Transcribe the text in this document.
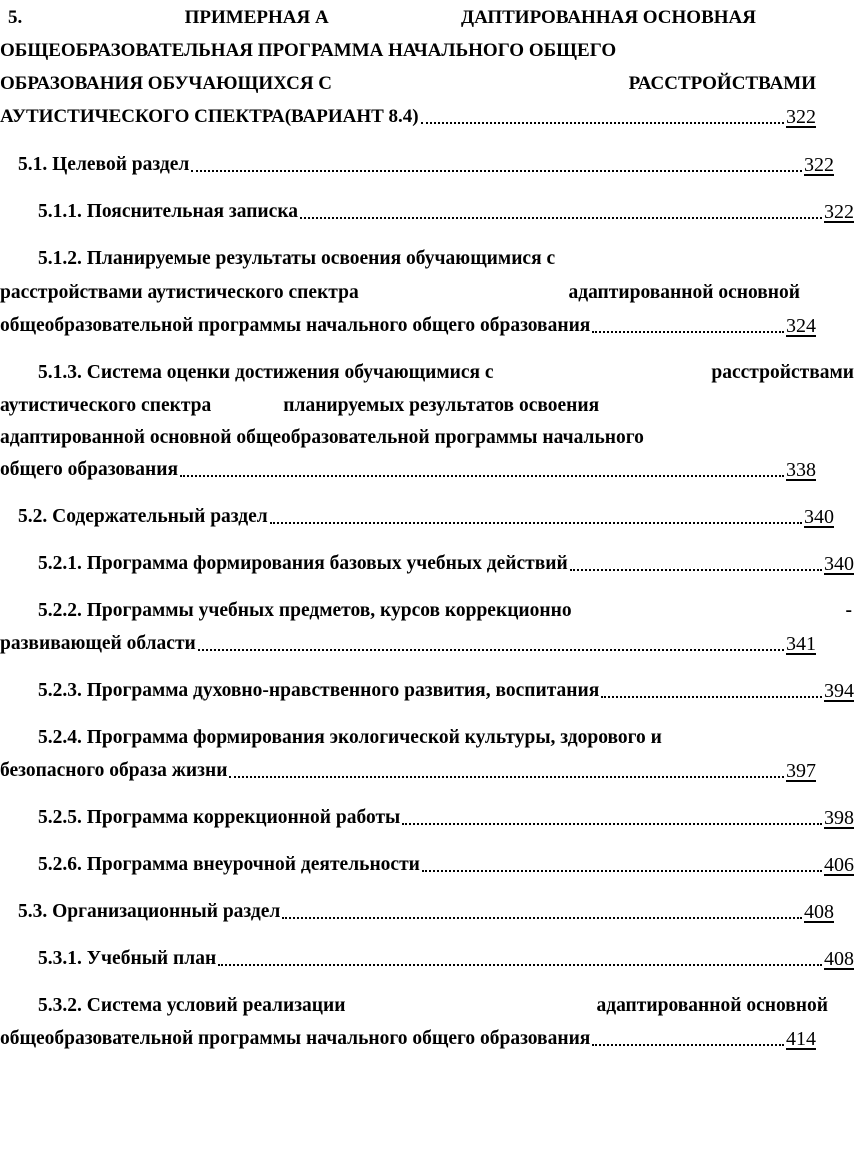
5.	ПРИМЕРНАЯ А	ДАПТИРОВАННАЯ ОСНОВНАЯ
ОБЩЕОБРАЗОВАТЕЛЬНАЯ ПРОГРАММА НАЧАЛЬНОГО ОБЩЕГО
ОБРАЗОВАНИЯ ОБУЧАЮЩИХСЯ С	РАССТРОЙСТВАМИ
АУТИСТИЧЕСКОГО СПЕКТРА(ВАРИАНТ 8.4)	322
5.1. Целевой раздел	322
5.1.1. Пояснительная записка	322
5.1.2. Планируемые результаты освоения обучающимися с
расстройствами аутистического спектра	адаптированной основной
общеобразовательной программы начального общего образования	324
5.1.3. Система оценки достижения обучающимися с	расстройствами
аутистического спектра	планируемых результатов освоения
адаптированной основной общеобразовательной программы начального
общего образования	338
5.2. Содержательный раздел	340
5.2.1. Программа формирования базовых учебных действий	340
5.2.2. Программы учебных предметов, курсов коррекционно	-
развивающей области	341
5.2.3. Программа духовно-нравственного развития, воспитания	394
5.2.4. Программа формирования экологической культуры, здорового и
безопасного образа жизни	397
5.2.5. Программа коррекционной работы	398
5.2.6. Программа внеурочной деятельности	406
5.3. Организационный раздел	408
5.3.1. Учебный план	408
5.3.2. Система условий реализации	адаптированной основной
общеобразовательной программы начального общего образования	414
